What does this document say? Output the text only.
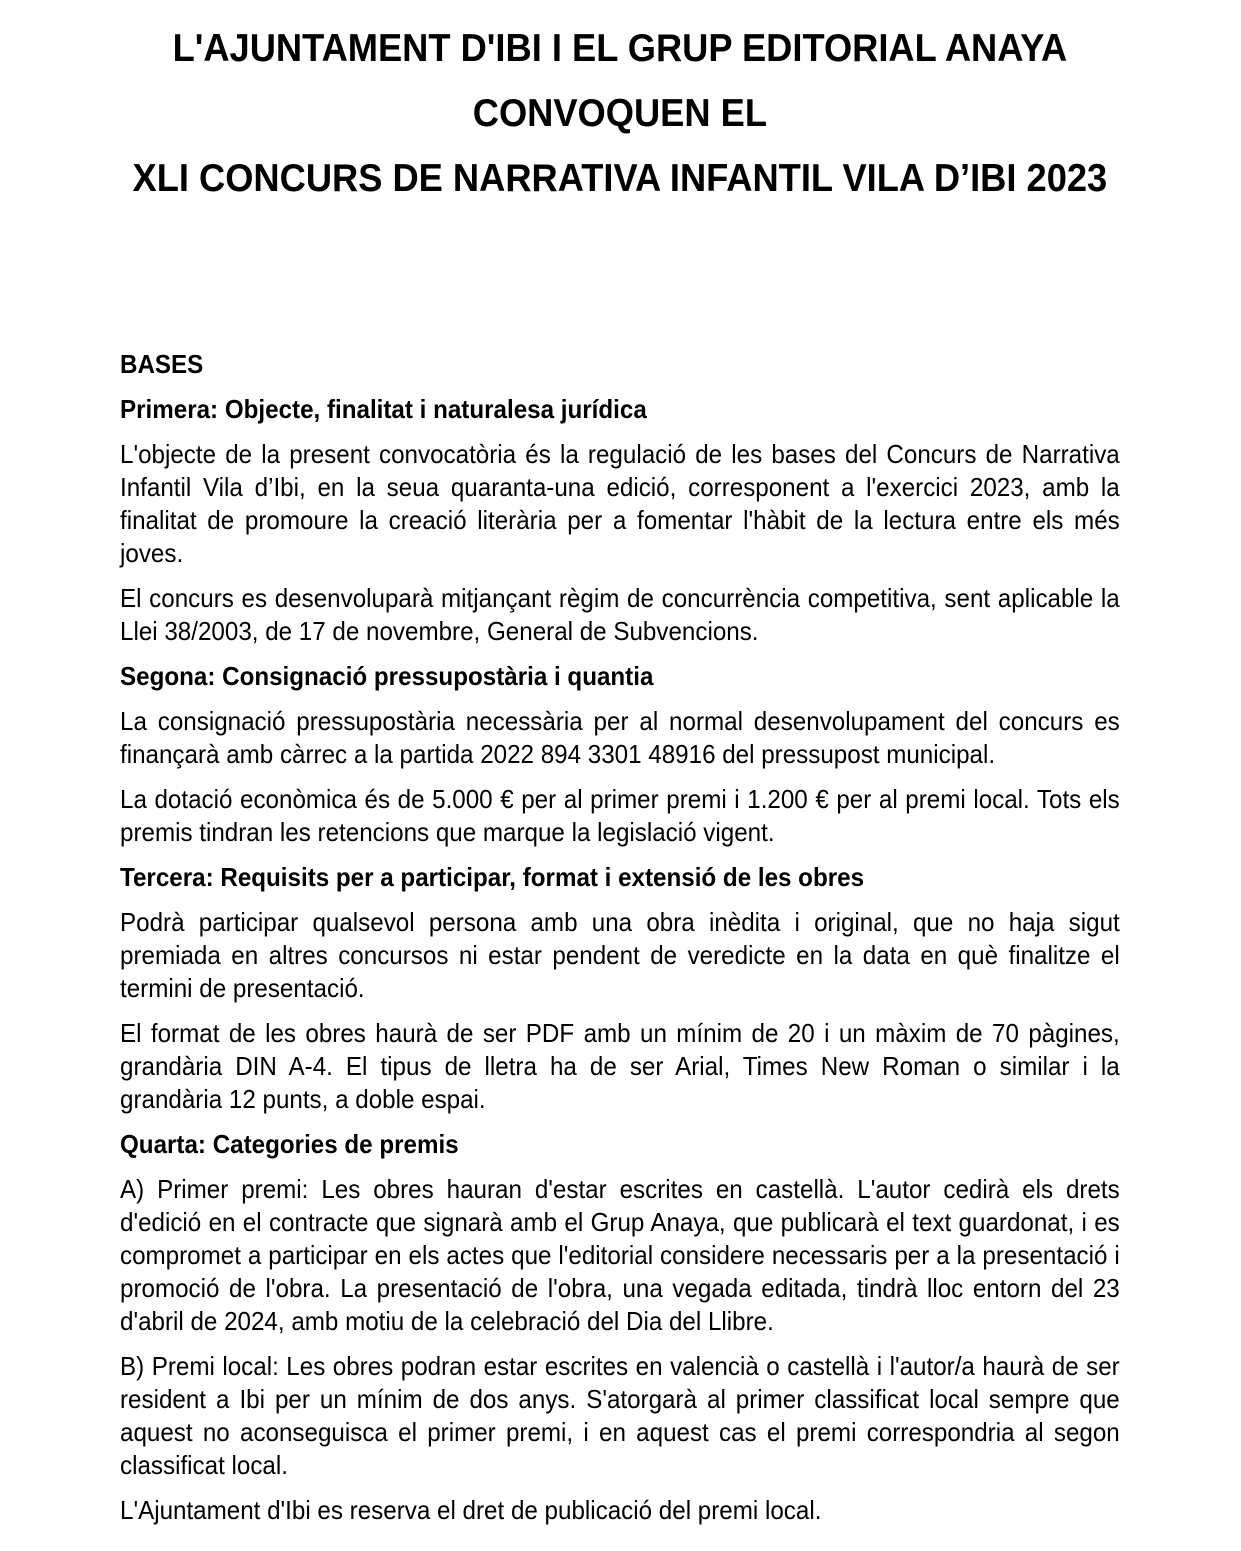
L'AJUNTAMENT D'IBI I EL GRUP EDITORIAL ANAYA
CONVOQUEN EL
XLI CONCURS DE NARRATIVA INFANTIL VILA D’IBI 2023

BASES

Primera: Objecte, finalitat i naturalesa jurídica

L'objecte de la present convocatòria és la regulació de les bases del Concurs de Narrativa Infantil Vila d’Ibi, en la seua quaranta-una edició, corresponent a l'exercici 2023, amb la finalitat de promoure la creació literària per a fomentar l'hàbit de la lectura entre els més joves.

El concurs es desenvoluparà mitjançant règim de concurrència competitiva, sent aplicable la Llei 38/2003, de 17 de novembre, General de Subvencions.

Segona: Consignació pressupostària i quantia

La consignació pressupostària necessària per al normal desenvolupament del concurs es finançarà amb càrrec a la partida 2022 894 3301 48916 del pressupost municipal.

La dotació econòmica és de 5.000 € per al primer premi i 1.200 € per al premi local. Tots els premis tindran les retencions que marque la legislació vigent.

Tercera: Requisits per a participar, format i extensió de les obres

Podrà participar qualsevol persona amb una obra inèdita i original, que no haja sigut premiada en altres concursos ni estar pendent de veredicte en la data en què finalitze el termini de presentació.

El format de les obres haurà de ser PDF amb un mínim de 20 i un màxim de 70 pàgines, grandària DIN A-4. El tipus de lletra ha de ser Arial, Times New Roman o similar i la grandària 12 punts, a doble espai.

Quarta: Categories de premis

A) Primer premi: Les obres hauran d'estar escrites en castellà. L'autor cedirà els drets d'edició en el contracte que signarà amb el Grup Anaya, que publicarà el text guardonat, i es compromet a participar en els actes que l'editorial considere necessaris per a la presentació i promoció de l'obra. La presentació de l'obra, una vegada editada, tindrà lloc entorn del 23 d'abril de 2024, amb motiu de la celebració del Dia del Llibre.

B) Premi local: Les obres podran estar escrites en valencià o castellà i l'autor/a haurà de ser resident a Ibi per un mínim de dos anys. S'atorgarà al primer classificat local sempre que aquest no aconseguisca el primer premi, i en aquest cas el premi correspondria al segon classificat local.

L'Ajuntament d'Ibi es reserva el dret de publicació del premi local.
